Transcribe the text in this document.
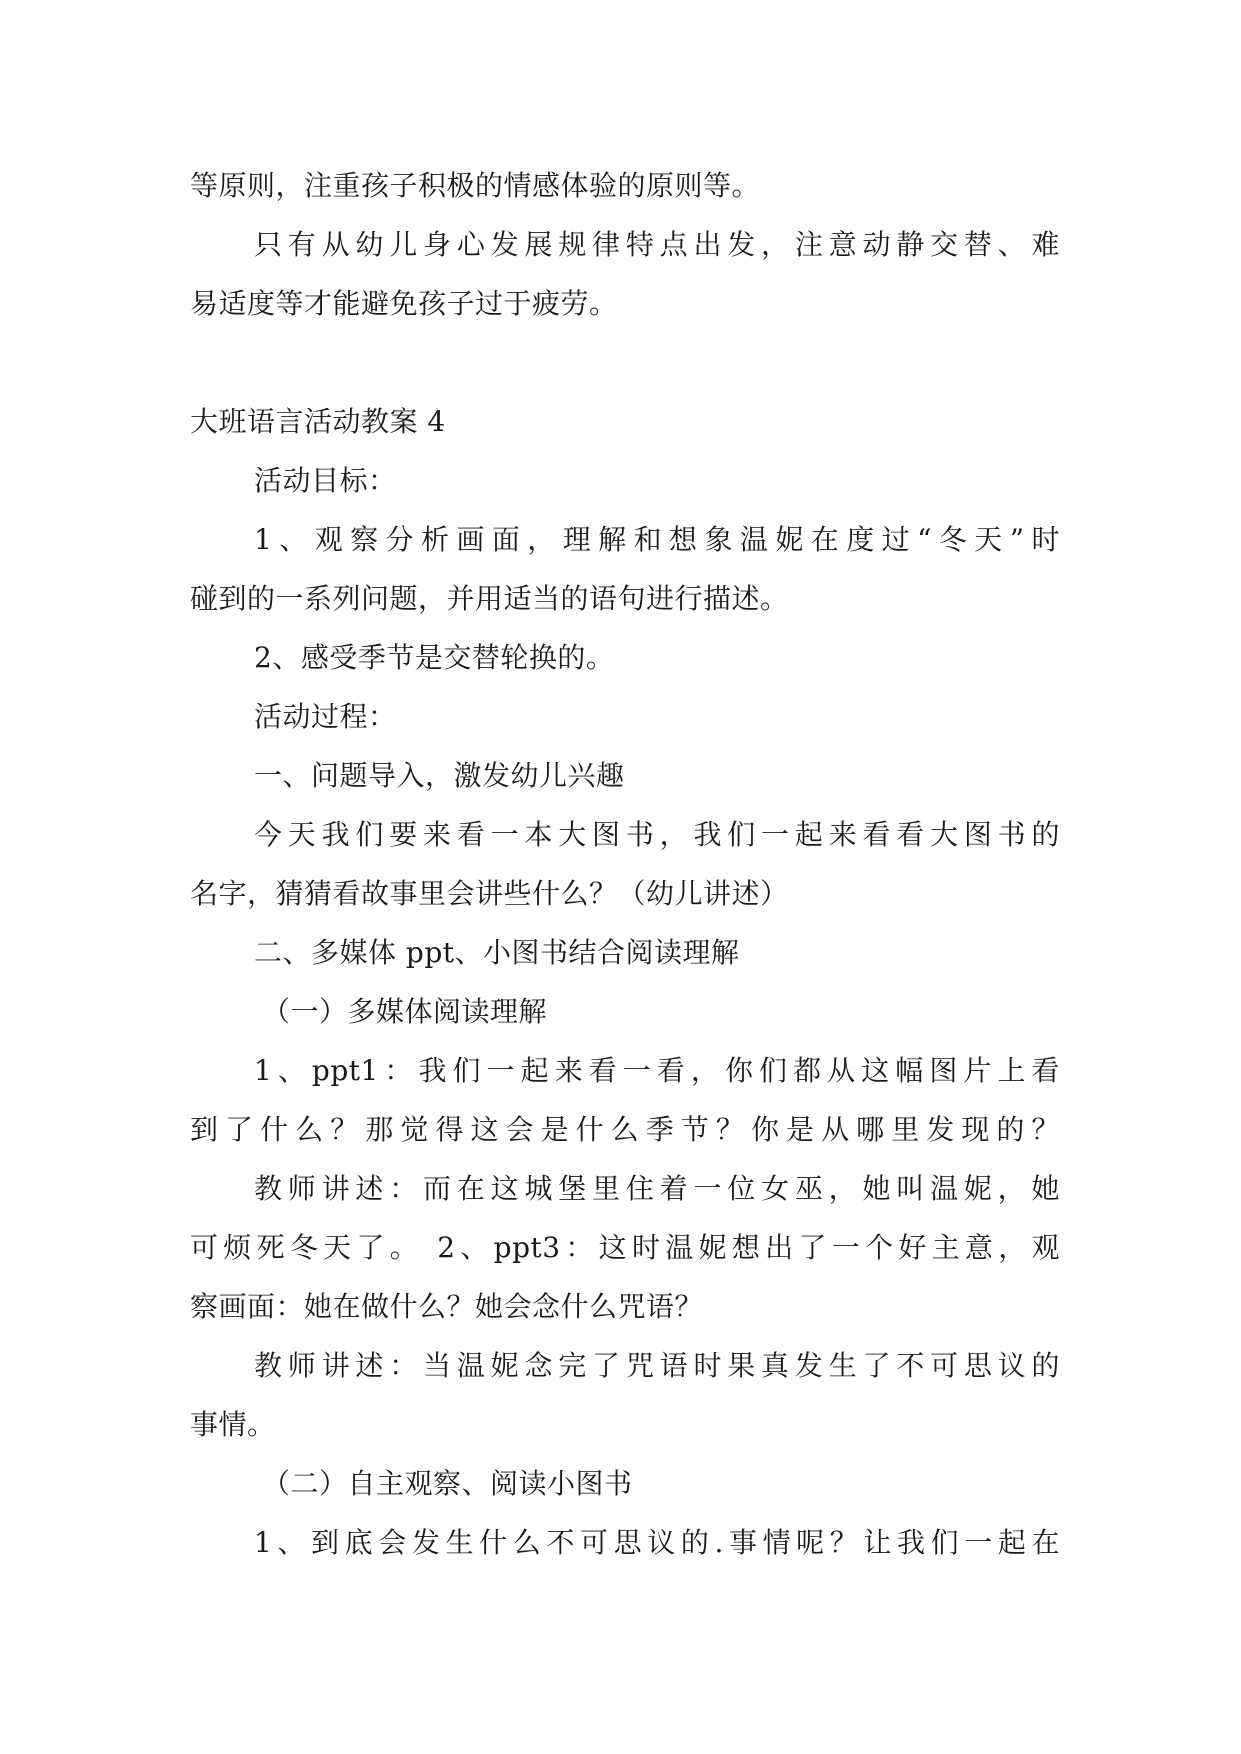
等原则，注重孩子积极的情感体验的原则等。
只有从幼儿身心发展规律特点出发，注意动静交替、难
易适度等才能避免孩子过于疲劳。
大班语言活动教案 4
活动目标：
1、观察分析画面，理解和想象温妮在度过“冬天”时
碰到的一系列问题，并用适当的语句进行描述。
2、感受季节是交替轮换的。
活动过程：
一、问题导入，激发幼儿兴趣
今天我们要来看一本大图书，我们一起来看看大图书的
名字，猜猜看故事里会讲些什么？（幼儿讲述）
二、多媒体 ppt、小图书结合阅读理解
（一）多媒体阅读理解
1、ppt1：我们一起来看一看，你们都从这幅图片上看
到了什么？那觉得这会是什么季节？你是从哪里发现的？
教师讲述：而在这城堡里住着一位女巫，她叫温妮，她
可烦死冬天了。 2、ppt3：这时温妮想出了一个好主意，观
察画面：她在做什么？她会念什么咒语？
教师讲述：当温妮念完了咒语时果真发生了不可思议的
事情。
（二）自主观察、阅读小图书
1、到底会发生什么不可思议的.事情呢？让我们一起在
